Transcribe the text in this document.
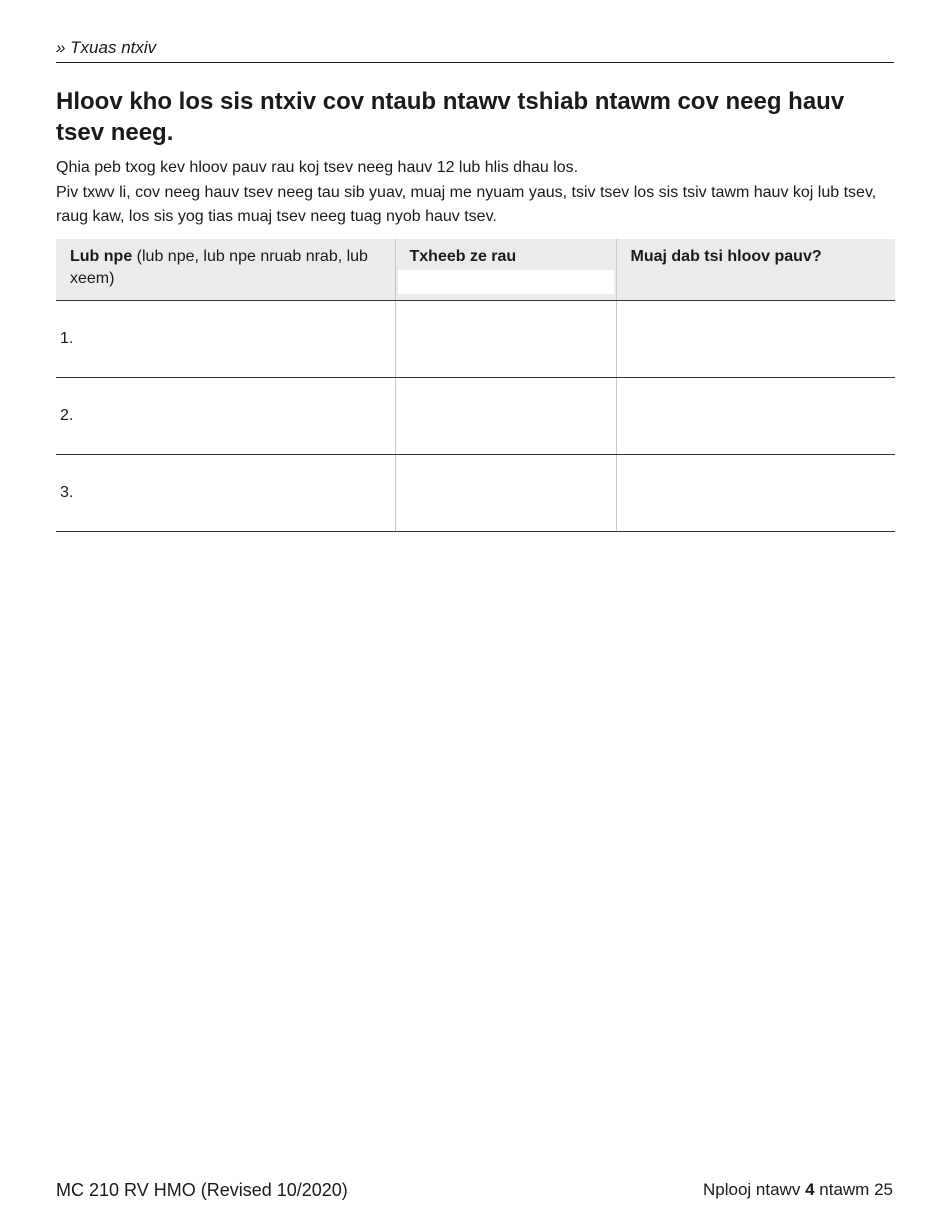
» Txuas ntxiv
Hloov kho los sis ntxiv cov ntaub ntawv tshiab ntawm cov neeg hauv tsev neeg.

Qhia peb txog kev hloov pauv rau koj tsev neeg hauv 12 lub hlis dhau los.

Piv txwv li, cov neeg hauv tsev neeg tau sib yuav, muaj me nyuam yaus, tsiv tsev los sis tsiv tawm hauv koj lub tsev, raug kaw, los sis yog tias muaj tsev neeg tuag nyob hauv tsev.

Lub npe (lub npe, lub npe nruab nrab, lub xeem)	Txheeb ze rau	Muaj dab tsi hloov pauv?
1.		
2.		
3.		
MC 210 RV HMO (Revised 10/2020)	Nplooj ntawv 4 ntawm 25
